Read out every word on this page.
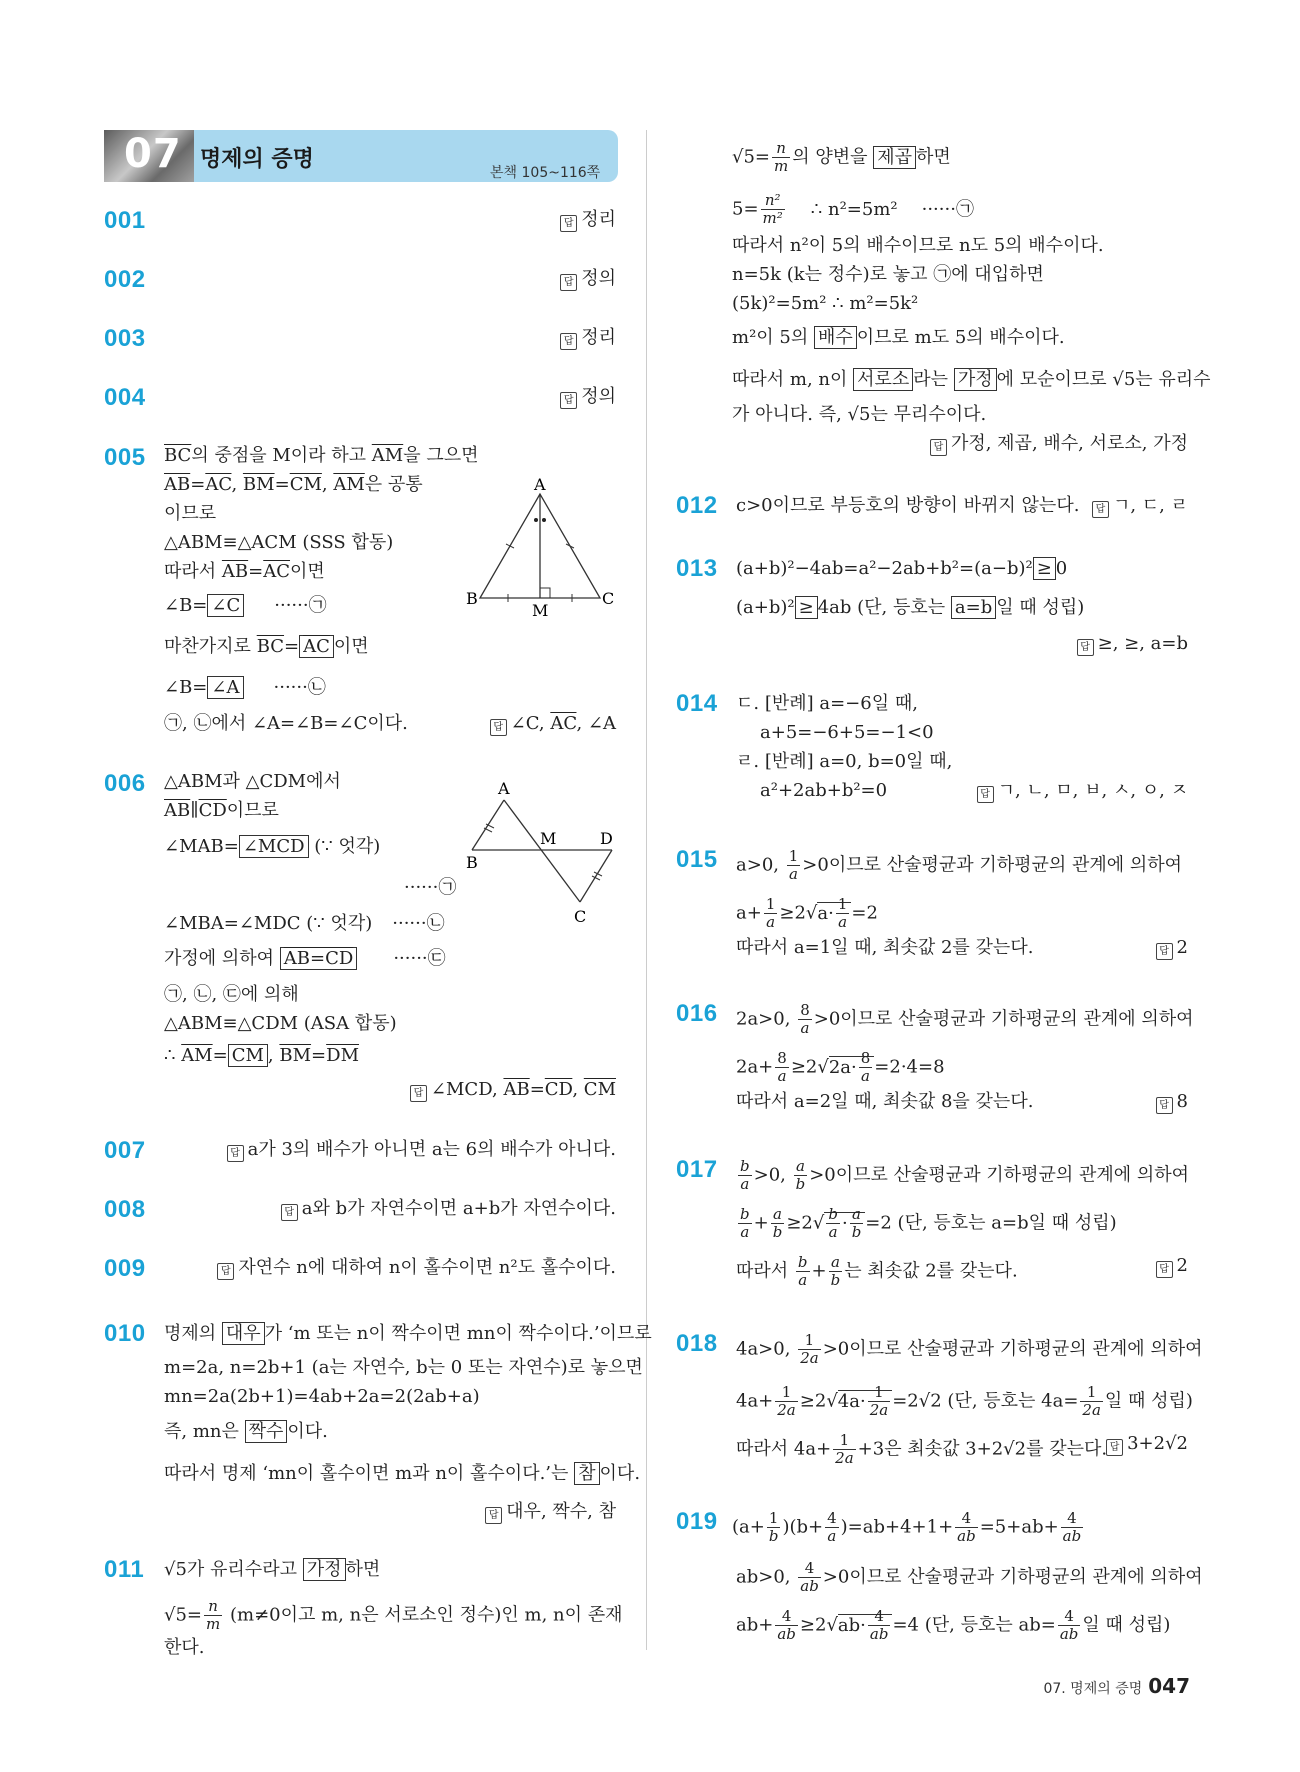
07 명제의 증명
본책 105~116쪽
001	답 정리
002	답 정의
003	답 정리
004	답 정의
005 $\overline{BC}$의 중점을 M이라 하고 $\overline{AM}$을 그으면
$\overline{AB}=\overline{AC}$, $\overline{BM}=\overline{CM}$, $\overline{AM}$은 공통
이므로
△ABM≡△ACM (SSS 합동)
따라서 $\overline{AB}=\overline{AC}$이면
∠B= ∠C ······㉠
마찬가지로 $\overline{BC}= \overline{AC}$ 이면
∠B= ∠A ······㉡
㉠, ㉡에서 ∠A=∠B=∠C이다.	답 ∠C, $\overline{AC}$, ∠A
A
B	C
M
006 △ABM과 △CDM에서
$\overline{AB}\parallel\overline{CD}$이므로
∠MAB= ∠MCD (∵ 엇각)
······㉠
∠MBA=∠MDC (∵ 엇각) ······㉡
가정에 의하여 AB=CD ······㉢
㉠, ㉡, ㉢에 의해
△ABM≡△CDM (ASA 합동)
∴ $\overline{AM}=$ CM , $\overline{BM}=\overline{DM}$
답 ∠MCD, $\overline{AB}=\overline{CD}$, $\overline{CM}$
A
B
C
D
M
007	답 a가 3의 배수가 아니면 a는 6의 배수가 아니다.
008	답 a와 b가 자연수이면 a+b가 자연수이다.
009	답 자연수 n에 대하여 n이 홀수이면 n²도 홀수이다.
010 명제의 대우 가 ‘m 또는 n이 짝수이면 mn이 짝수이다.’이므로
m=2a, n=2b+1 (a는 자연수, b는 0 또는 자연수)로 놓으면
mn=2a(2b+1)=4ab+2a=2(2ab+a)
즉, mn은 짝수 이다.
따라서 명제 ‘mn이 홀수이면 m과 n이 홀수이다.’는 참 이다.
답 대우, 짝수, 참
011 √5가 유리수라고 가정 하면
$√5= \frac{n}{m} (m\ne 0$이고 m, n은 서로소인 정수)인 m, n이 존재
한다.
$√5= \frac{n}{m}$ 의 양변을 제곱 하면
$5= \frac{\text{n²}}{\text{m²}}$ ∴ n²=5m² ······㉠
따라서 n²이 5의 배수이므로 n도 5의 배수이다.
n=5k (k는 정수)로 놓고 ㉠에 대입하면
(5k)²=5m² ∴ m²=5k²
m²이 5의 배수 이므로 m도 5의 배수이다.
따라서 m, n이 서로소 라는 가정 에 모순이므로 √5는 유리수
가 아니다. 즉, √5는 무리수이다.
답 가정, 제곱, 배수, 서로소, 가정
012 c>0이므로 부등호의 방향이 바뀌지 않는다.	답 ㄱ, ㄷ, ㄹ
013 (a+b)²−4ab=a²−2ab+b²=(a−b)² ≥ 0
(a+b)² ≥ 4ab (단, 등호는 a=b 일 때 성립)
답 ≥, ≥, a=b
014 ㄷ. [반례] a=−6일 때,
a+5=−6+5=−1<0
ㄹ. [반례] a=0, b=0일 때,
a²+2ab+b²=0	답 ㄱ, ㄴ, ㅁ, ㅂ, ㅅ, ㅇ, ㅈ
015 a>0, $\frac{1}{a} >0$이므로 산술평균과 기하평균의 관계에 의하여
$a+ \frac{1}{a} \ge 2√a\cdot \frac{1}{a} =2$
따라서 a=1일 때, 최솟값 2를 갖는다.	답 2
016 2a>0, $\frac{8}{a} >0$이므로 산술평균과 기하평균의 관계에 의하여
$2a+ \frac{8}{a} \ge 2√2a\cdot \frac{8}{a} =2\cdot 4=8$
따라서 a=2일 때, 최솟값 8을 갖는다.	답 8
$017 \frac{b}{a} >0$, $\frac{a}{b} >0$이므로 산술평균과 기하평균의 관계에 의하여
$\frac{b}{a} + \frac{a}{b} \ge 2√ \frac{b}{a} \cdot \frac{a}{b} =2$ (단, 등호는 a=b일 때 성립)
따라서 $\frac{b}{a} + \frac{a}{b}$ 는 최솟값 2를 갖는다.	답 2
018 4a>0, $\frac{1}{2a} >0$이므로 산술평균과 기하평균의 관계에 의하여
$4a+ \frac{1}{2a} \ge 2√4a\cdot \frac{1}{2a} =2√2$ (단, 등호는 $4a= \frac{1}{2a}$ 일 때 성립)
따라서 $4a+ \frac{1}{2a} +3$은 최솟값 3+2√2를 갖는다. 답 3+2√2
019 $(a+ \frac{1}{b} )(b+ \frac{4}{a} )=ab+4+1+ \frac{4}{ab} =5+ab+ \frac{4}{ab}$
ab>0, $\frac{4}{ab} >0$이므로 산술평균과 기하평균의 관계에 의하여
$ab+ \frac{4}{ab} \ge 2√ab\cdot \frac{4}{ab} =4$ (단, 등호는 $ab= \frac{4}{ab}$ 일 때 성립)
07. 명제의 증명 047
